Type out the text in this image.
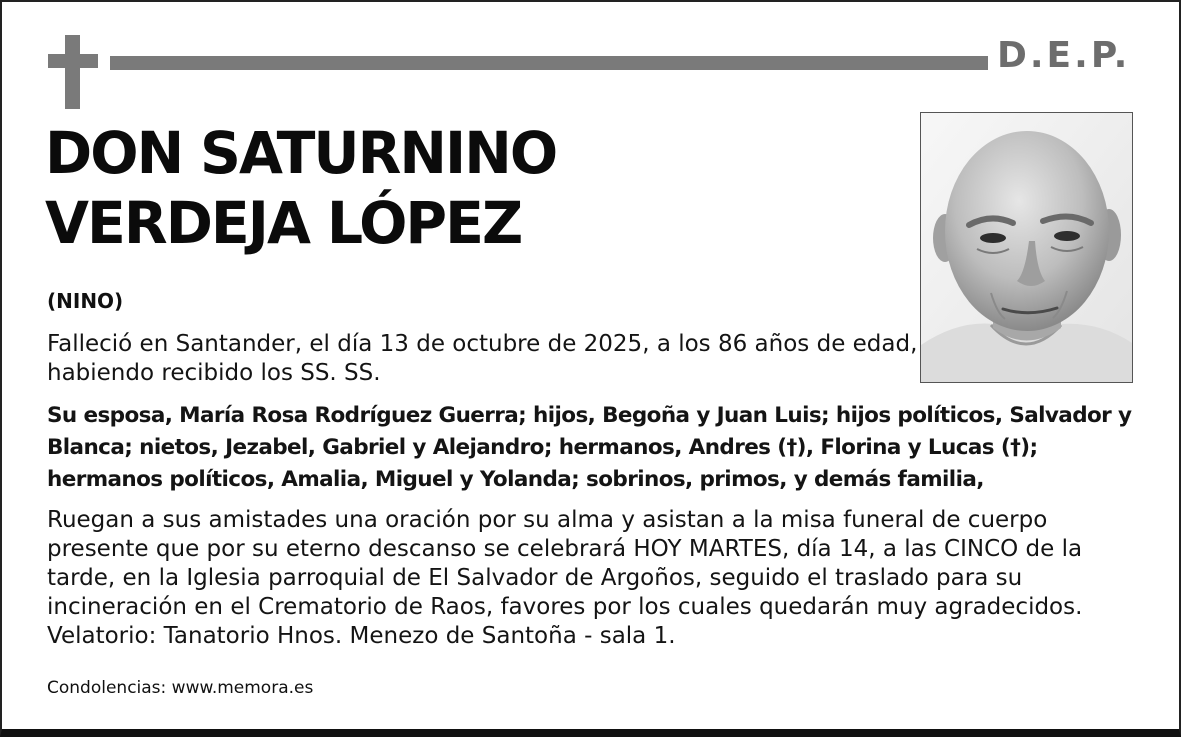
D.E.P.
DON SATURNINO
VERDEJA LÓPEZ
(NINO)
Falleció en Santander, el día 13 de octubre de 2025, a los 86 años de edad,
habiendo recibido los SS. SS.
Su esposa, María Rosa Rodríguez Guerra; hijos, Begoña y Juan Luis; hijos políticos, Salvador y
Blanca; nietos, Jezabel, Gabriel y Alejandro; hermanos, Andres (†), Florina y Lucas (†);
hermanos políticos, Amalia, Miguel y Yolanda; sobrinos, primos, y demás familia,
Ruegan a sus amistades una oración por su alma y asistan a la misa funeral de cuerpo
presente que por su eterno descanso se celebrará HOY MARTES, día 14, a las CINCO de la
tarde, en la Iglesia parroquial de El Salvador de Argoños, seguido el traslado para su
incineración en el Crematorio de Raos, favores por los cuales quedarán muy agradecidos.
Velatorio: Tanatorio Hnos. Menezo de Santoña - sala 1.
Condolencias: www.memora.es
